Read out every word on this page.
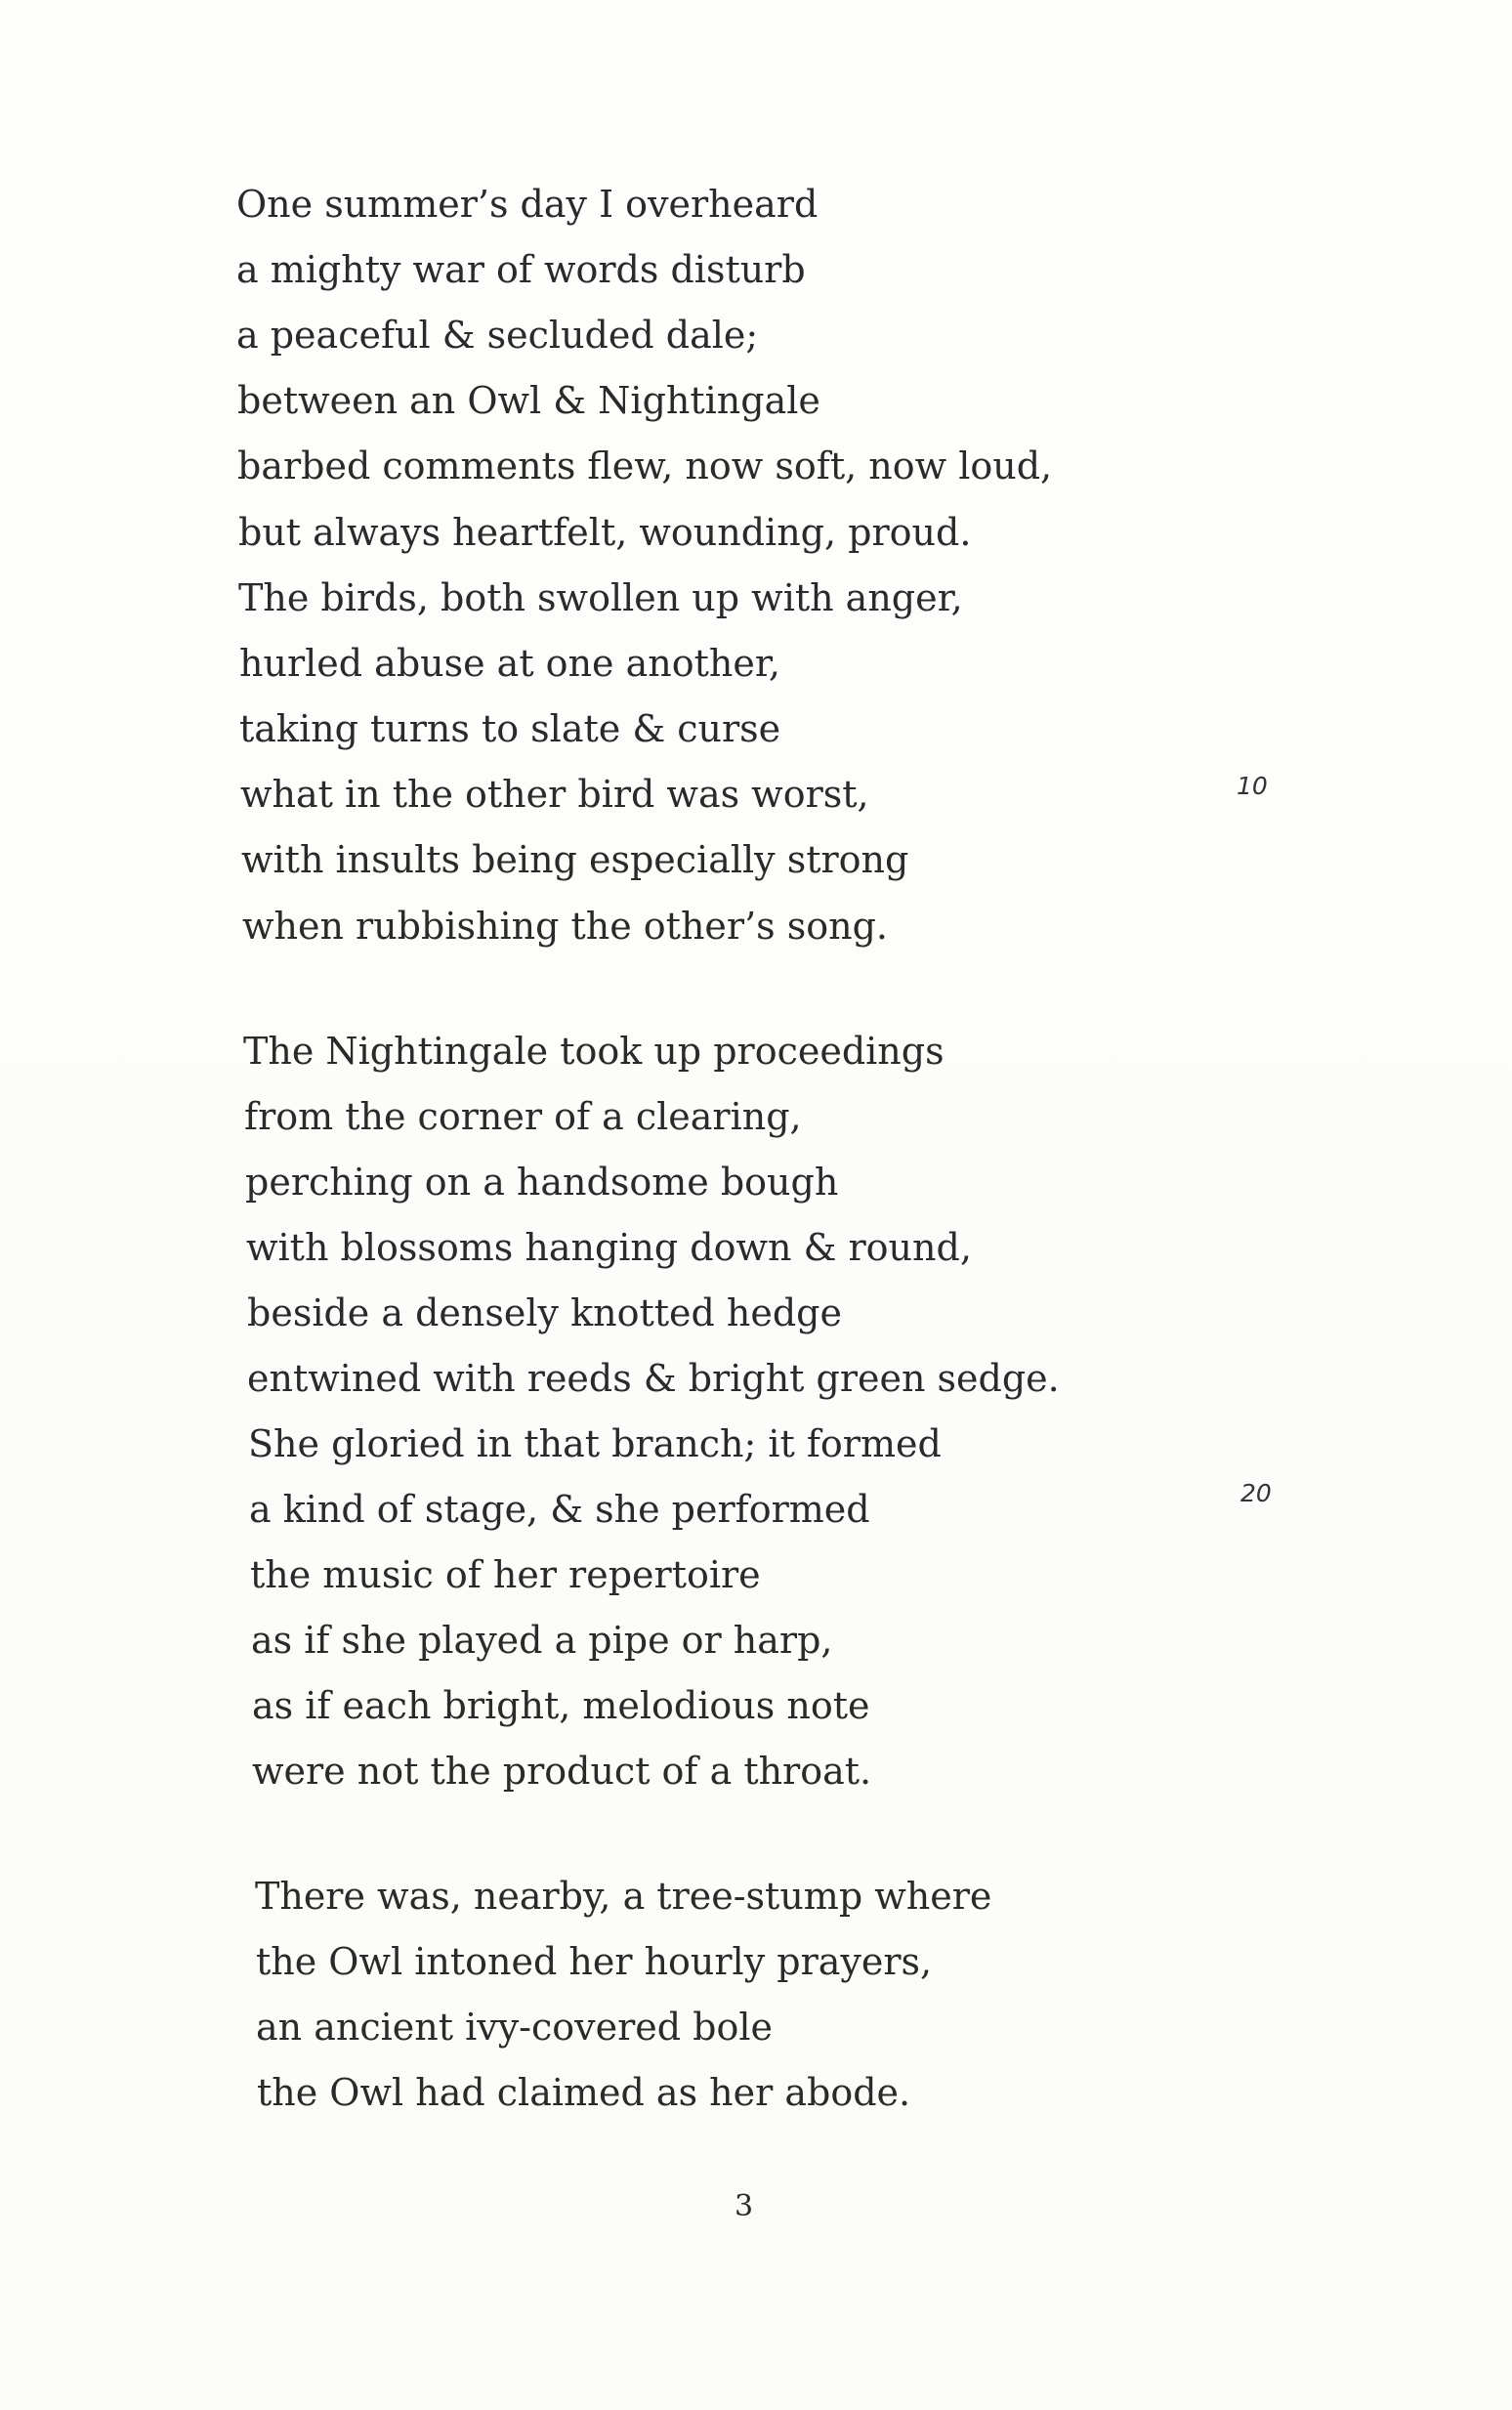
One summer’s day I overheard
a mighty war of words disturb
a peaceful & secluded dale;
between an Owl & Nightingale
barbed comments flew, now soft, now loud,
but always heartfelt, wounding, proud.
The birds, both swollen up with anger,
hurled abuse at one another,
taking turns to slate & curse
what in the other bird was worst,
with insults being especially strong
when rubbishing the other’s song.
10
The Nightingale took up proceedings
from the corner of a clearing,
perching on a handsome bough
with blossoms hanging down & round,
beside a densely knotted hedge
entwined with reeds & bright green sedge.
She gloried in that branch; it formed
a kind of stage, & she performed
the music of her repertoire
as if she played a pipe or harp,
as if each bright, melodious note
were not the product of a throat.
20
There was, nearby, a tree-stump where
the Owl intoned her hourly prayers,
an ancient ivy-covered bole
the Owl had claimed as her abode.
3
